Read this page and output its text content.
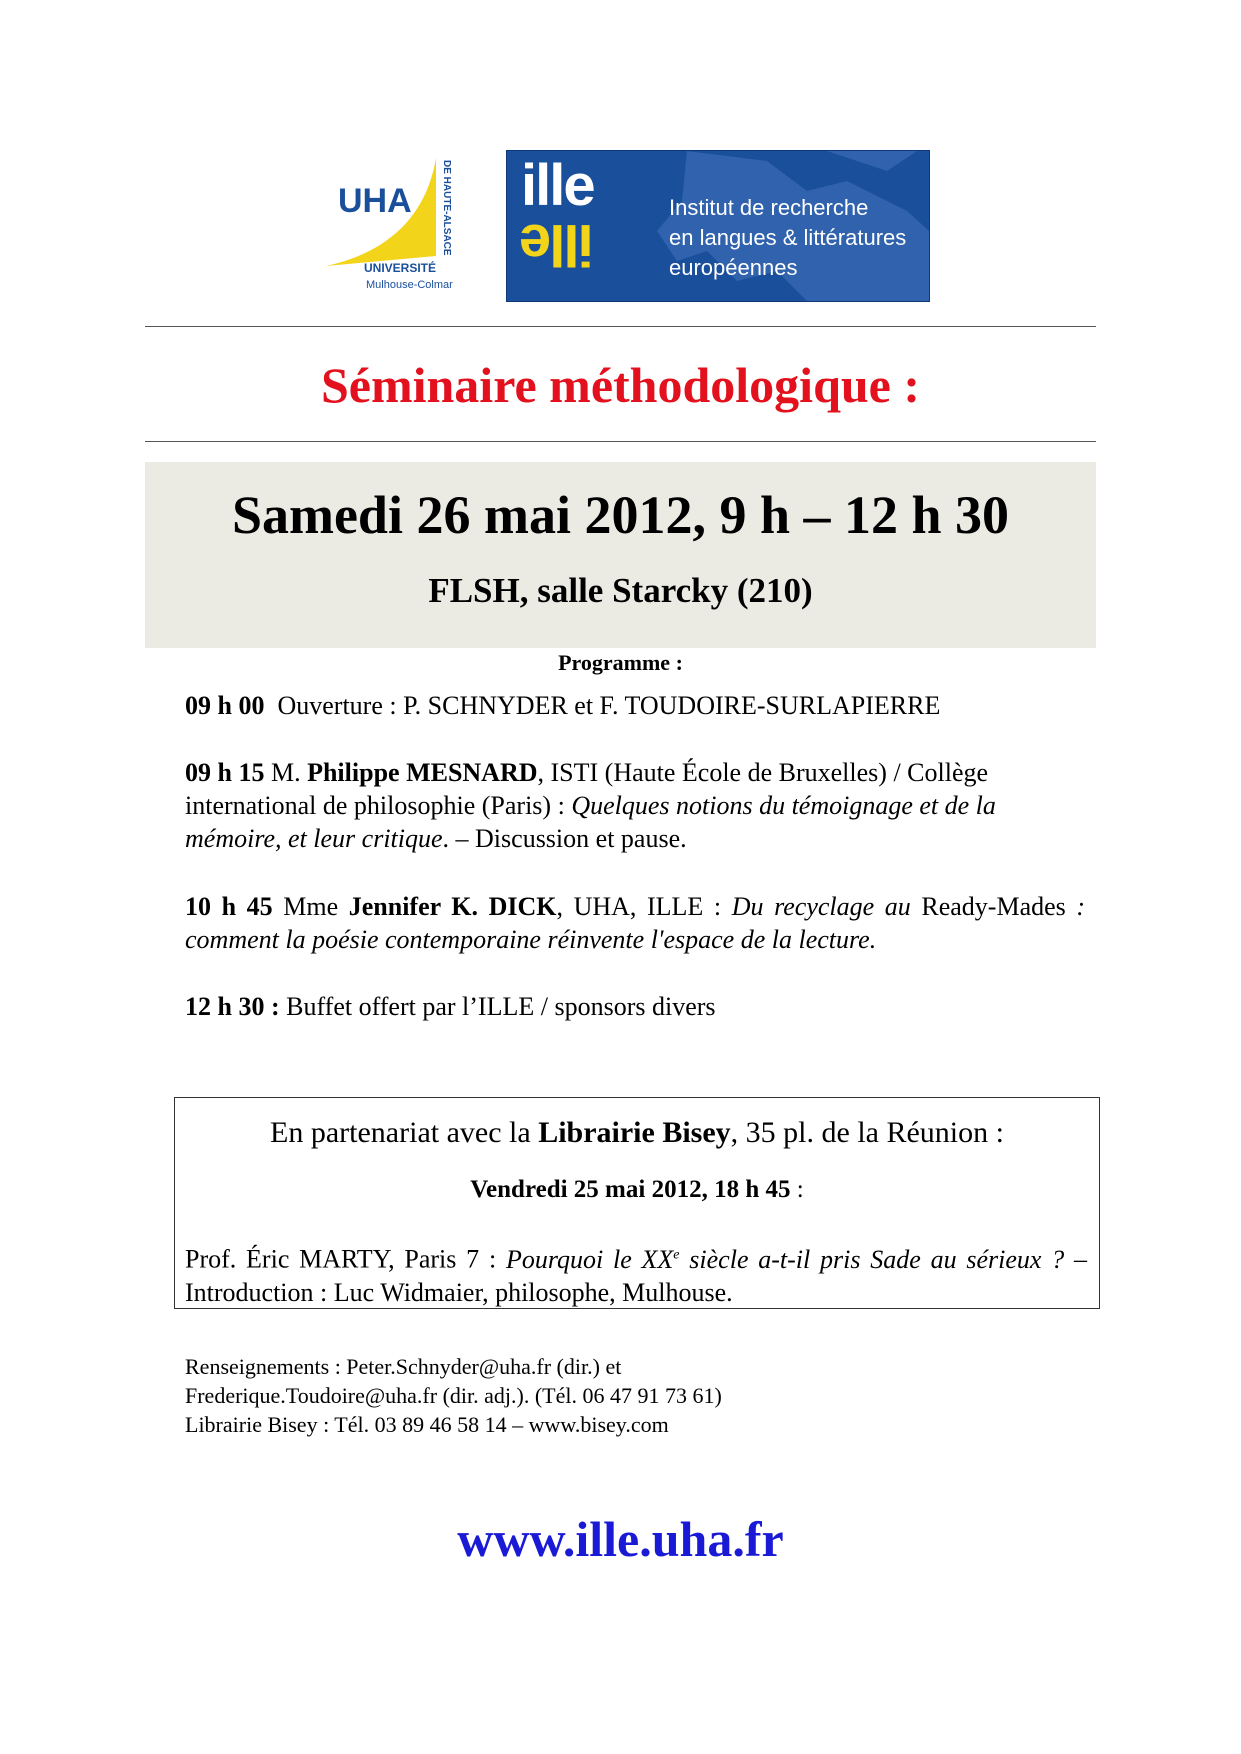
UHA	DE HAUTE-ALSACE
UNIVERSITÉ
Mulhouse-Colmar
ille
ille
Institut de recherche
en langues & littératures
européennes
Séminaire méthodologique :
Samedi 26 mai 2012, 9 h – 12 h 30
FLSH, salle Starcky (210)
Programme :
09 h 00 Ouverture : P. SCHNYDER et F. TOUDOIRE-SURLAPIERRE
09 h 15 M. Philippe MESNARD, ISTI (Haute École de Bruxelles) / Collège international de philosophie (Paris) : Quelques notions du témoignage et de la mémoire, et leur critique. – Discussion et pause.
10 h 45 Mme Jennifer K. DICK, UHA, ILLE : Du recyclage au Ready-Mades : comment la poésie contemporaine réinvente l'espace de la lecture.
12 h 30 : Buffet offert par l’ILLE / sponsors divers
En partenariat avec la Librairie Bisey, 35 pl. de la Réunion :
Vendredi 25 mai 2012, 18 h 45 :
Prof. Éric MARTY, Paris 7 : Pourquoi le XXe siècle a-t-il pris Sade au sérieux ? – Introduction : Luc Widmaier, philosophe, Mulhouse.
Renseignements : Peter.Schnyder@uha.fr (dir.) et
Frederique.Toudoire@uha.fr (dir. adj.). (Tél. 06 47 91 73 61)
Librairie Bisey : Tél. 03 89 46 58 14 – www.bisey.com
www.ille.uha.fr
